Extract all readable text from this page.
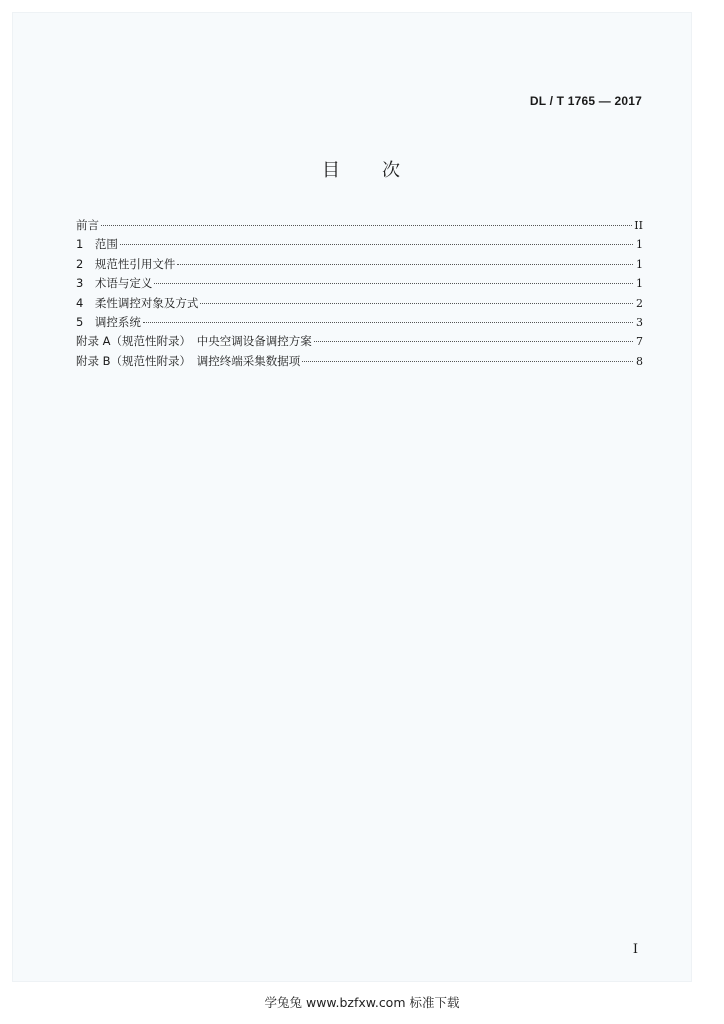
DL / T 1765 — 2017
目 次
前言	II
1　范围	1
2　规范性引用文件	1
3　术语与定义	1
4　柔性调控对象及方式	2
5　调控系统	3
附录 A（规范性附录）　中央空调设备调控方案	7
附录 B（规范性附录）　调控终端采集数据项	8
I
学兔兔 www.bzfxw.com 标准下载
